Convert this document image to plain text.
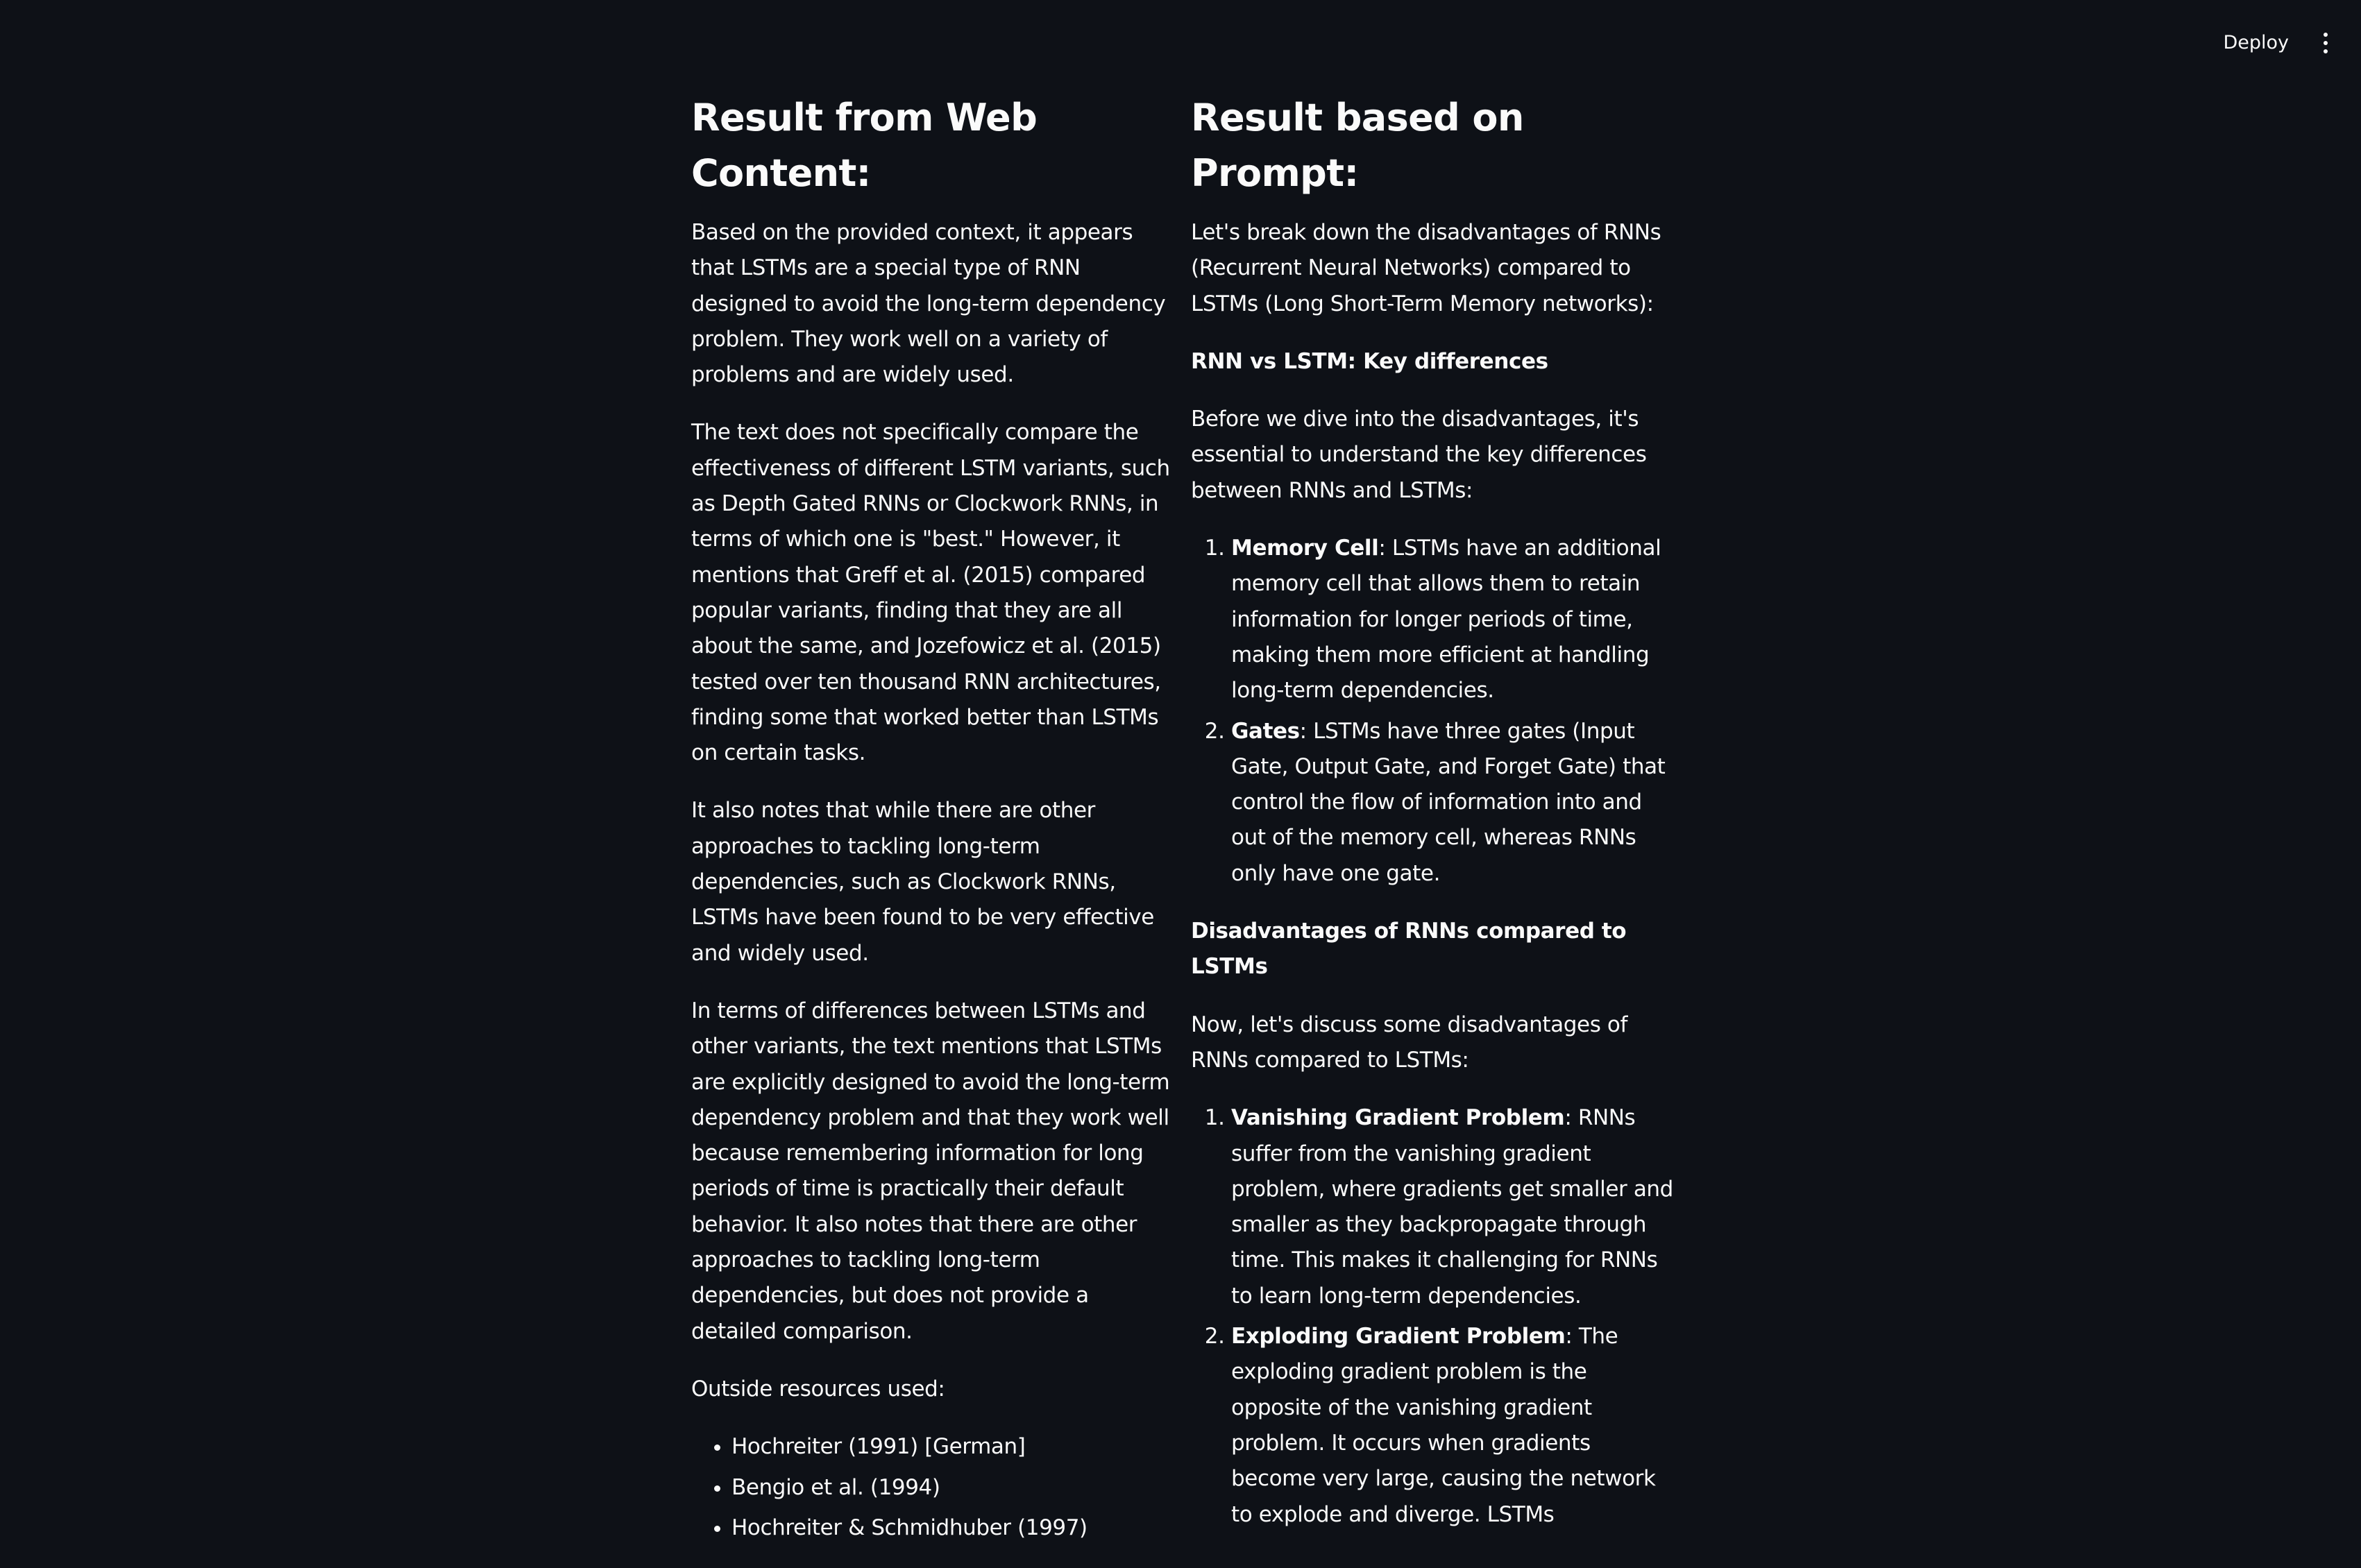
Deploy
Result from Web Content:

Based on the provided context, it appears that LSTMs are a special type of RNN designed to avoid the long-term dependency problem. They work well on a variety of problems and are widely used.

The text does not specifically compare the effectiveness of different LSTM variants, such as Depth Gated RNNs or Clockwork RNNs, in terms of which one is "best." However, it mentions that Greff et al. (2015) compared popular variants, finding that they are all about the same, and Jozefowicz et al. (2015) tested over ten thousand RNN architectures, finding some that worked better than LSTMs on certain tasks.

It also notes that while there are other approaches to tackling long-term dependencies, such as Clockwork RNNs, LSTMs have been found to be very effective and widely used.

In terms of differences between LSTMs and other variants, the text mentions that LSTMs are explicitly designed to avoid the long-term dependency problem and that they work well because remembering information for long periods of time is practically their default behavior. It also notes that there are other approaches to tackling long-term dependencies, but does not provide a detailed comparison.

Outside resources used:

• Hochreiter (1991) [German]
• Bengio et al. (1994)
• Hochreiter & Schmidhuber (1997)
Result based on Prompt:

Let's break down the disadvantages of RNNs (Recurrent Neural Networks) compared to LSTMs (Long Short-Term Memory networks):

RNN vs LSTM: Key differences

Before we dive into the disadvantages, it's essential to understand the key differences between RNNs and LSTMs:

1. Memory Cell: LSTMs have an additional memory cell that allows them to retain information for longer periods of time, making them more efficient at handling long-term dependencies.
2. Gates: LSTMs have three gates (Input Gate, Output Gate, and Forget Gate) that control the flow of information into and out of the memory cell, whereas RNNs only have one gate.

Disadvantages of RNNs compared to LSTMs

Now, let's discuss some disadvantages of RNNs compared to LSTMs:

1. Vanishing Gradient Problem: RNNs suffer from the vanishing gradient problem, where gradients get smaller and smaller as they backpropagate through time. This makes it challenging for RNNs to learn long-term dependencies.
2. Exploding Gradient Problem: The exploding gradient problem is the opposite of the vanishing gradient problem. It occurs when gradients become very large, causing the network to explode and diverge. LSTMs
